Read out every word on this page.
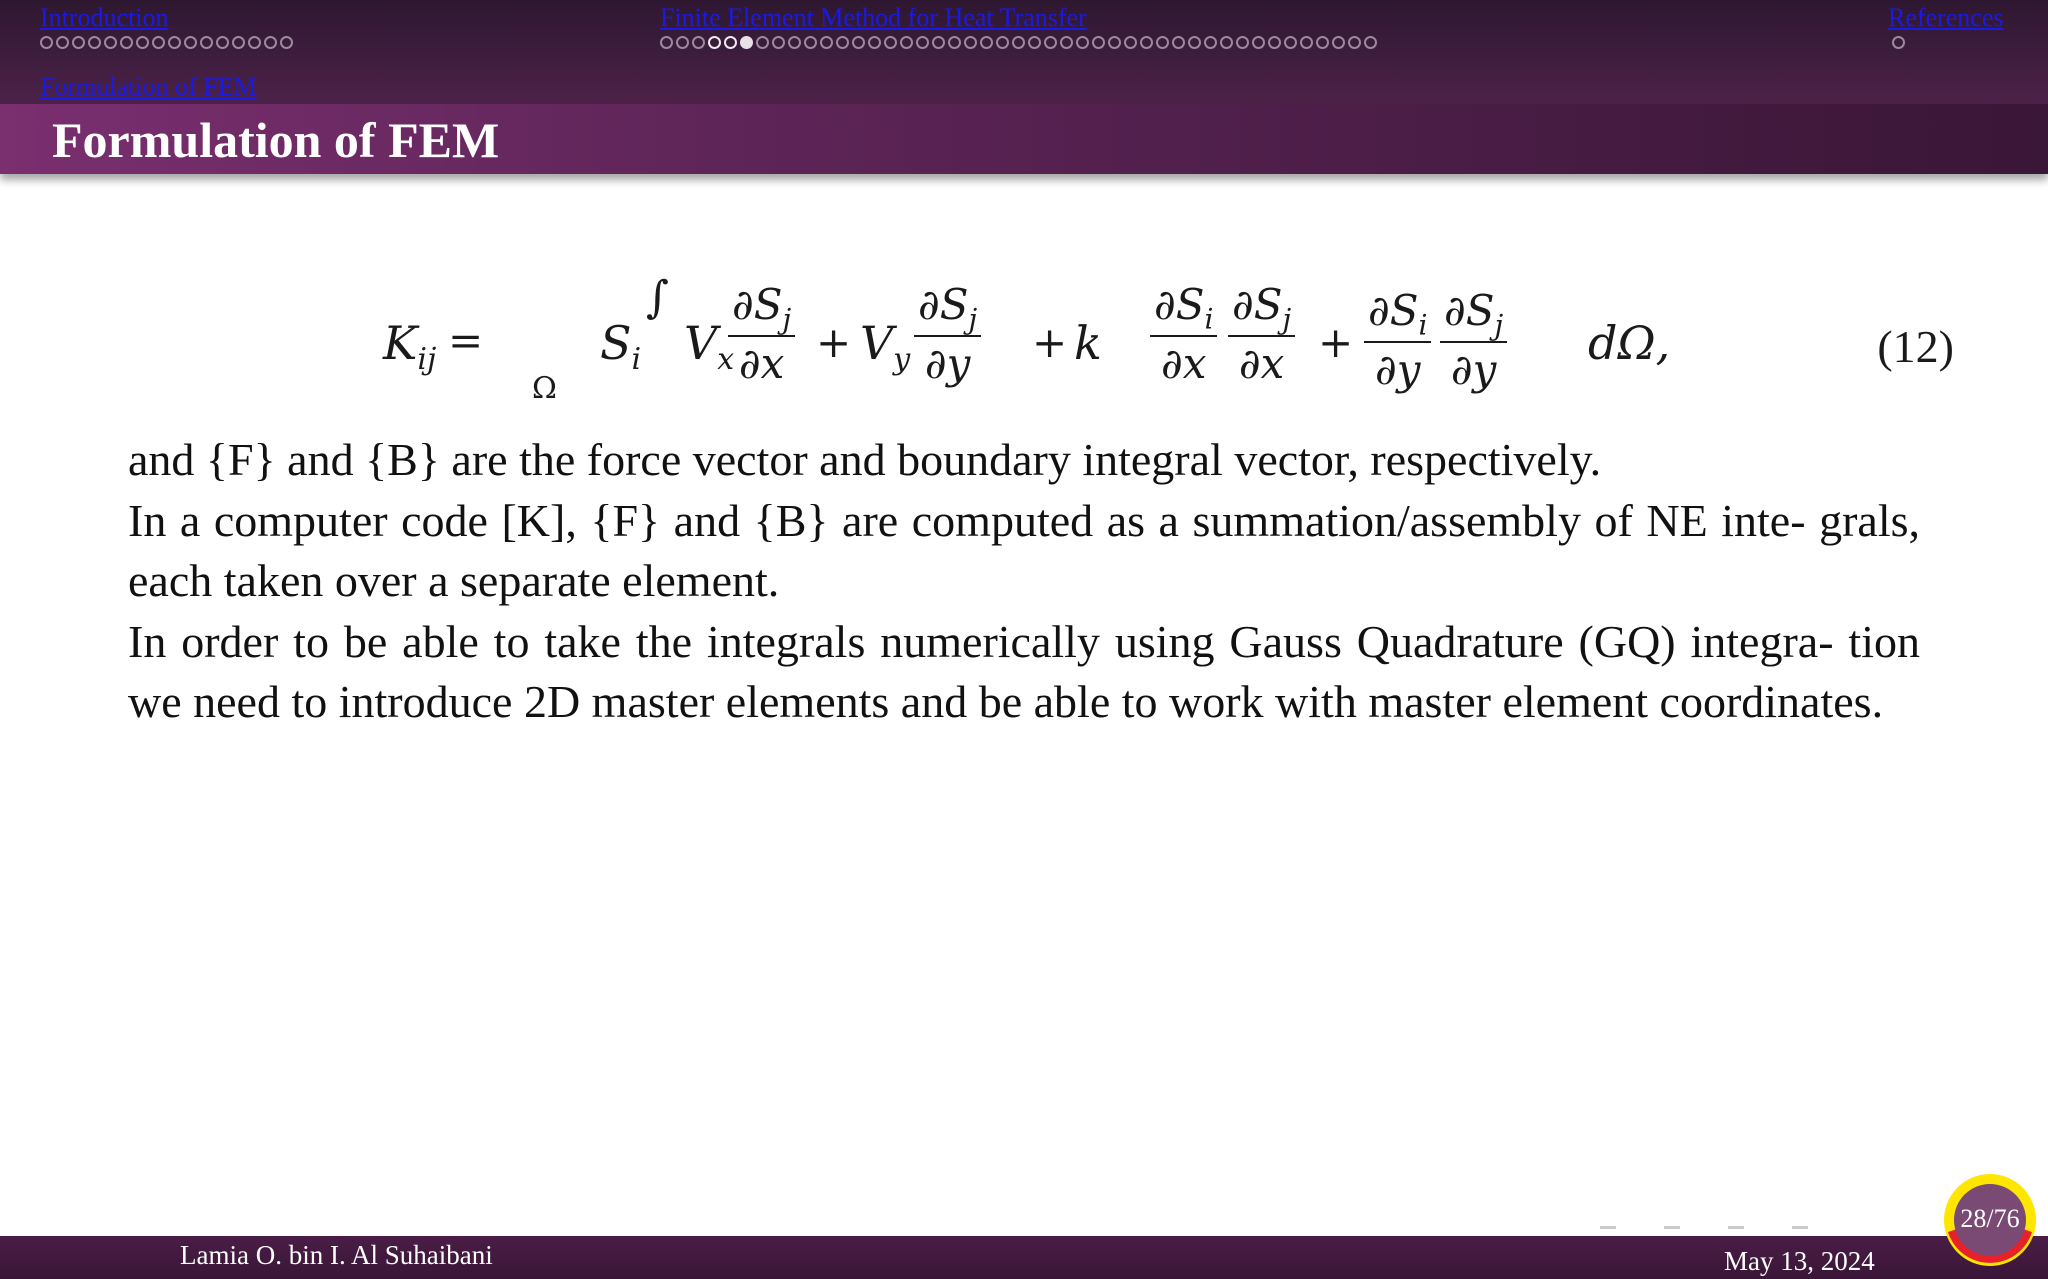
Introduction	Finite Element Method for Heat Transfer	References
Formulation of FEM
Formulation of FEM
$K_{ij}$ =
∫
Ω
$S_i$ $V_x$
$\frac{\partial S_j}{\partial x} + V_y \frac{\partial S_j}{\partial y} + k \frac{\partial S_i}{\partial x} \frac{\partial S_j}{\partial x} + \frac{\partial S_i}{\partial y} \frac{\partial S_j}{\partial y} d\Omega$,	(12)

and {F} and {B} are the force vector and boundary integral vector, respectively.

In a computer code [K], {F} and {B} are computed as a summation/assembly of NE inte- grals, each taken over a separate element.

In order to be able to take the integrals numerically using Gauss Quadrature (GQ) integra- tion we need to introduce 2D master elements and be able to work with master element coordinates.

Lamia O. bin I. Al Suhaibani	May 13, 2024
28/76
